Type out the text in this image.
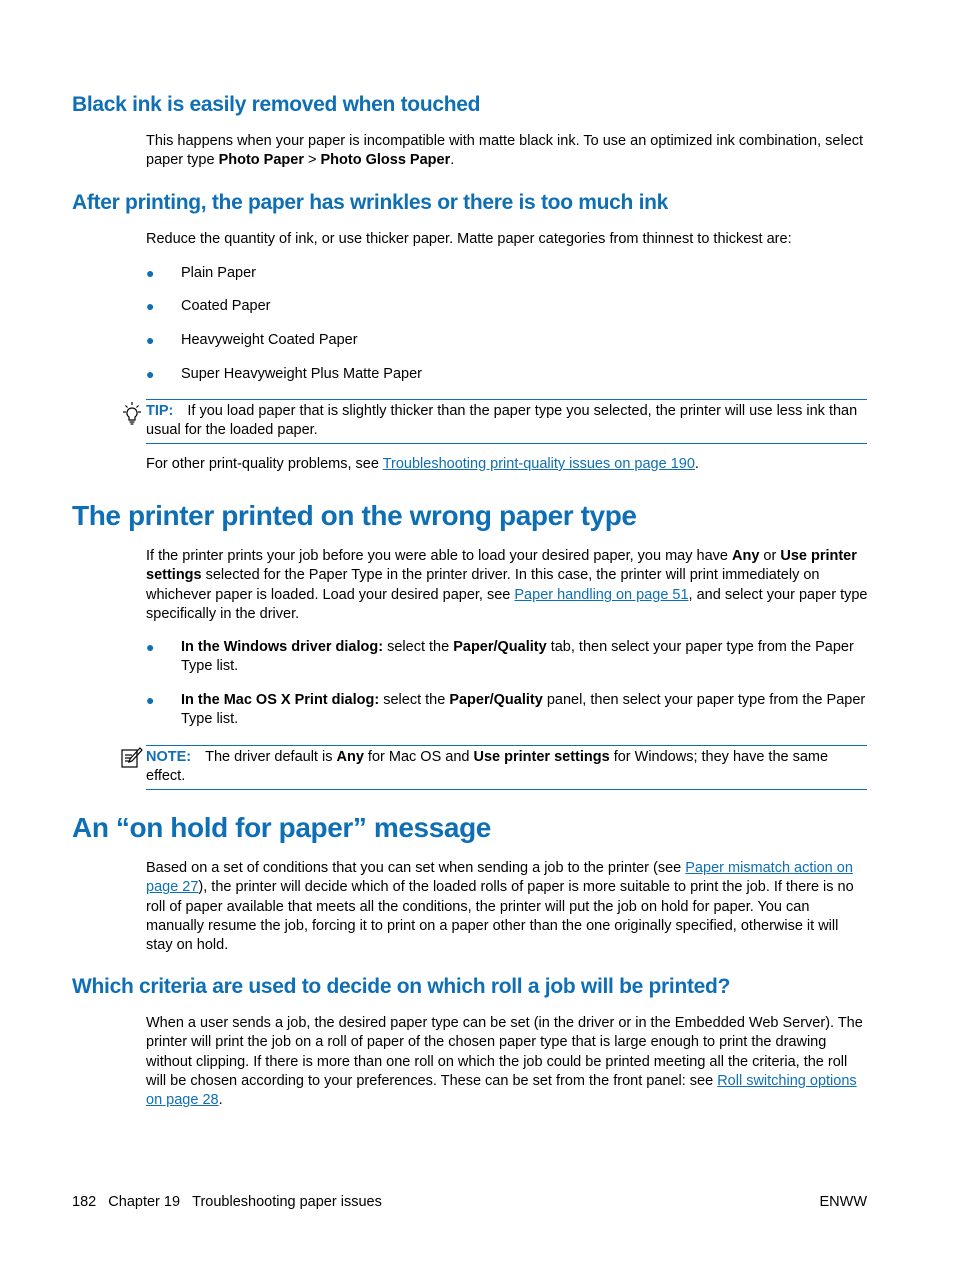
Black ink is easily removed when touched

This happens when your paper is incompatible with matte black ink. To use an optimized ink combination, select paper type Photo Paper > Photo Gloss Paper.

After printing, the paper has wrinkles or there is too much ink

Reduce the quantity of ink, or use thicker paper. Matte paper categories from thinnest to thickest are:

● Plain Paper
● Coated Paper
● Heavyweight Coated Paper
● Super Heavyweight Plus Matte Paper
TIP: If you load paper that is slightly thicker than the paper type you selected, the printer will use less ink than usual for the loaded paper.

For other print-quality problems, see Troubleshooting print-quality issues on page 190.

The printer printed on the wrong paper type

If the printer prints your job before you were able to load your desired paper, you may have Any or Use printer settings selected for the Paper Type in the printer driver. In this case, the printer will print immediately on whichever paper is loaded. Load your desired paper, see Paper handling on page 51, and select your paper type specifically in the driver.

● In the Windows driver dialog: select the Paper/Quality tab, then select your paper type from the Paper Type list.
● In the Mac OS X Print dialog: select the Paper/Quality panel, then select your paper type from the Paper Type list.
NOTE: The driver default is Any for Mac OS and Use printer settings for Windows; they have the same effect.
An “on hold for paper” message

Based on a set of conditions that you can set when sending a job to the printer (see Paper mismatch action on page 27), the printer will decide which of the loaded rolls of paper is more suitable to print the job. If there is no roll of paper available that meets all the conditions, the printer will put the job on hold for paper. You can manually resume the job, forcing it to print on a paper other than the one originally specified, otherwise it will stay on hold.

Which criteria are used to decide on which roll a job will be printed?

When a user sends a job, the desired paper type can be set (in the driver or in the Embedded Web Server). The printer will print the job on a roll of paper of the chosen paper type that is large enough to print the drawing without clipping. If there is more than one roll on which the job could be printed meeting all the criteria, the roll will be chosen according to your preferences. These can be set from the front panel: see Roll switching options on page 28.

182 Chapter 19 Troubleshooting paper issues	ENWW
